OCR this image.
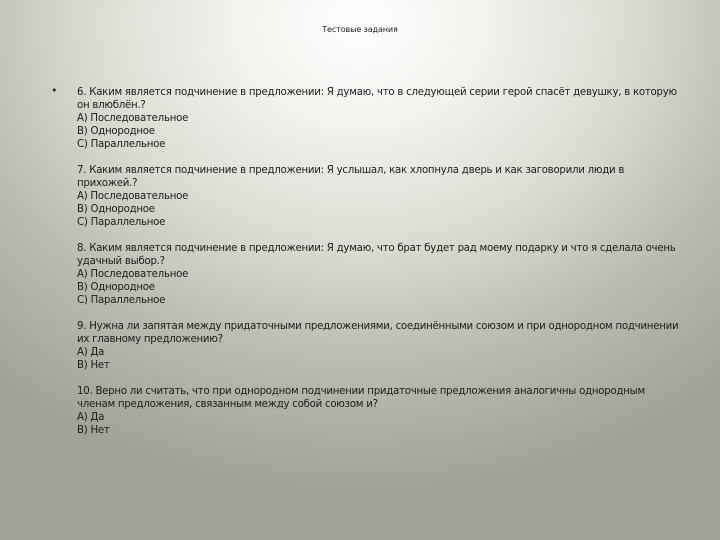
Тестовые задания
• 6. Каким является подчинение в предложении: Я думаю, что в следующей серии герой спасёт девушку, в которую он влюблён.?
А) Последовательное
В) Однородное
С) Параллельное
7. Каким является подчинение в предложении: Я услышал, как хлопнула дверь и как заговорили люди в прихожей.?
А) Последовательное
В) Однородное
С) Параллельное
8. Каким является подчинение в предложении: Я думаю, что брат будет рад моему подарку и что я сделала очень удачный выбор.?
А) Последовательное
В) Однородное
С) Параллельное
9. Нужна ли запятая между придаточными предложениями, соединёнными союзом и при однородном подчинении их главному предложению?
А) Да
В) Нет
10. Верно ли считать, что при однородном подчинении придаточные предложения аналогичны однородным членам предложения, связанным между собой союзом и?
А) Да
В) Нет
